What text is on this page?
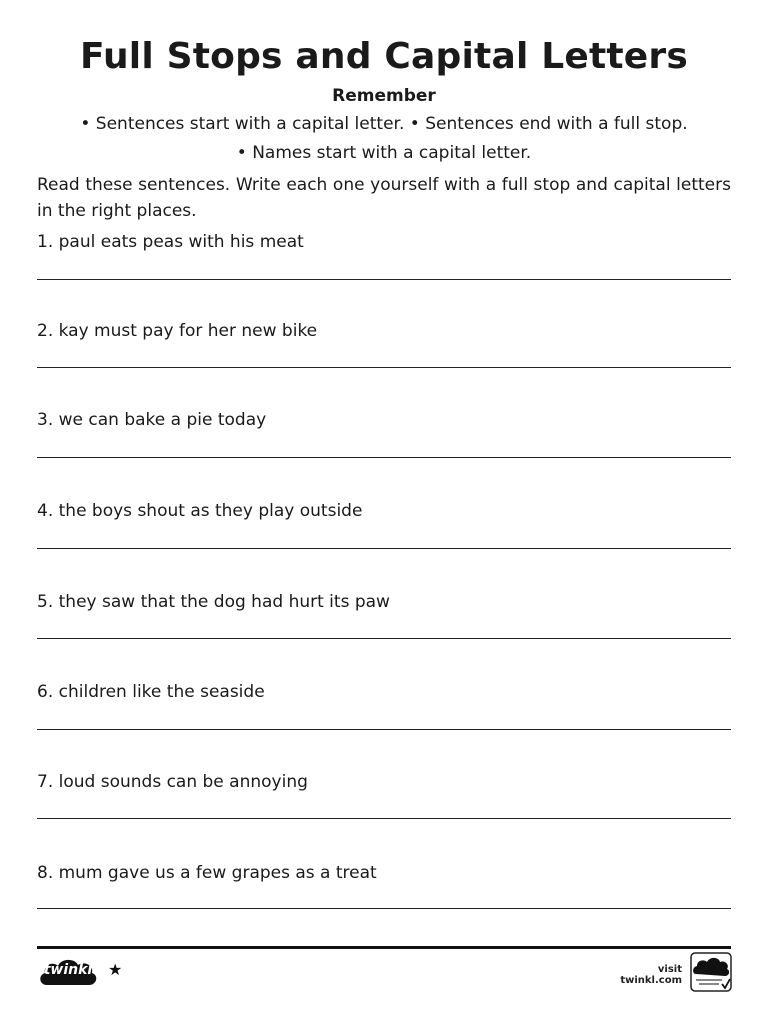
Full Stops and Capital Letters
Remember
• Sentences start with a capital letter. • Sentences end with a full stop.
• Names start with a capital letter.
Read these sentences. Write each one yourself with a full stop and capital letters in the right places.
1. paul eats peas with his meat
2. kay must pay for her new bike
3. we can bake a pie today
4. the boys shout as they play outside
5. they saw that the dog had hurt its paw
6. children like the seaside
7. loud sounds can be annoying
8. mum gave us a few grapes as a treat
twinkl ★	visit twinkl.com
